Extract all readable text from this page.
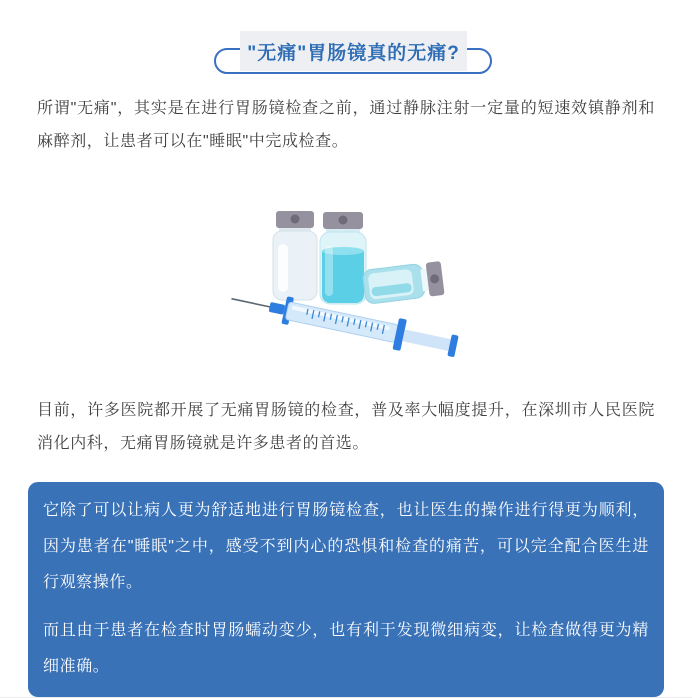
"无痛"胃肠镜真的无痛?

所谓"无痛"，其实是在进行胃肠镜检查之前，通过静脉注射一定量的短速效镇静剂和麻醉剂，让患者可以在"睡眠"中完成检查。

目前，许多医院都开展了无痛胃肠镜的检查，普及率大幅度提升，在深圳市人民医院消化内科，无痛胃肠镜就是许多患者的首选。

它除了可以让病人更为舒适地进行胃肠镜检查，也让医生的操作进行得更为顺利，因为患者在"睡眠"之中，感受不到内心的恐惧和检查的痛苦，可以完全配合医生进行观察操作。

而且由于患者在检查时胃肠蠕动变少，也有利于发现微细病变，让检查做得更为精细准确。
